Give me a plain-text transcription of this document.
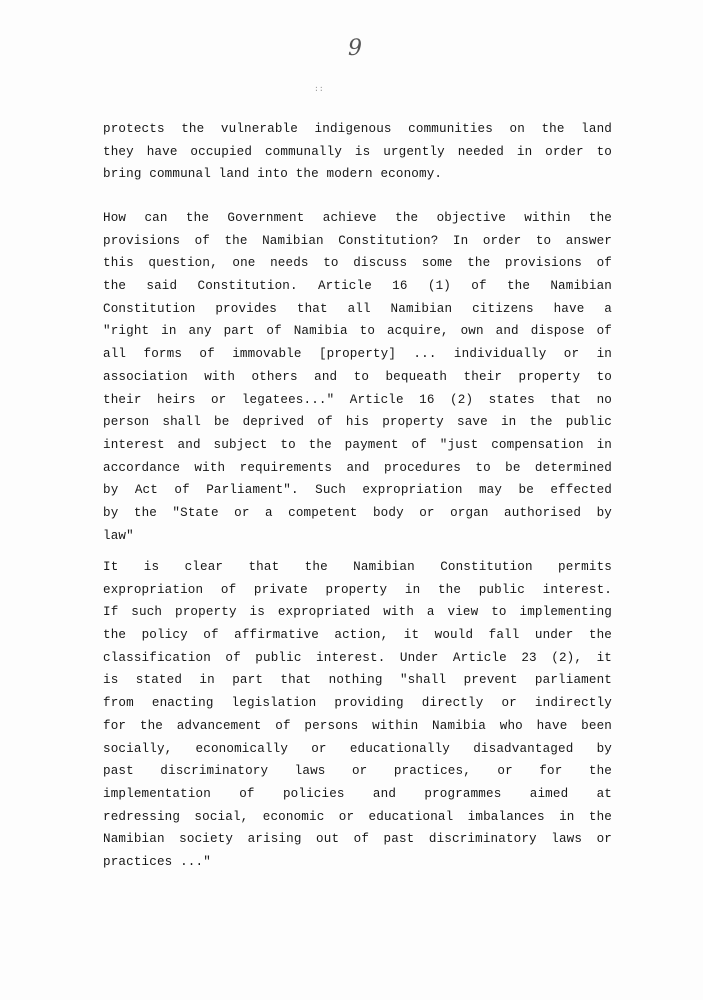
9
::
protects the vulnerable indigenous communities on the land
they have occupied communally is urgently needed in order to
bring communal land into the modern economy.
How can the Government achieve the objective within the
provisions of the Namibian Constitution? In order to answer
this question, one needs to discuss some the provisions of
the said Constitution. Article 16 (1) of the Namibian
Constitution provides that all Namibian citizens have a
"right in any part of Namibia to acquire, own and dispose of
all forms of immovable [property] ... individually or in
association with others and to bequeath their property to
their heirs or legatees..." Article 16 (2) states that no
person shall be deprived of his property save in the public
interest and subject to the payment of "just compensation in
accordance with requirements and procedures to be determined
by Act of Parliament". Such expropriation may be effected
by the "State or a competent body or organ authorised by
law"
It is clear that the Namibian Constitution permits
expropriation of private property in the public interest.
If such property is expropriated with a view to implementing
the policy of affirmative action, it would fall under the
classification of public interest. Under Article 23 (2), it
is stated in part that nothing "shall prevent parliament
from enacting legislation providing directly or indirectly
for the advancement of persons within Namibia who have been
socially, economically or educationally disadvantaged by
past discriminatory laws or practices, or for the
implementation of policies and programmes aimed at
redressing social, economic or educational imbalances in the
Namibian society arising out of past discriminatory laws or
practices ..."
